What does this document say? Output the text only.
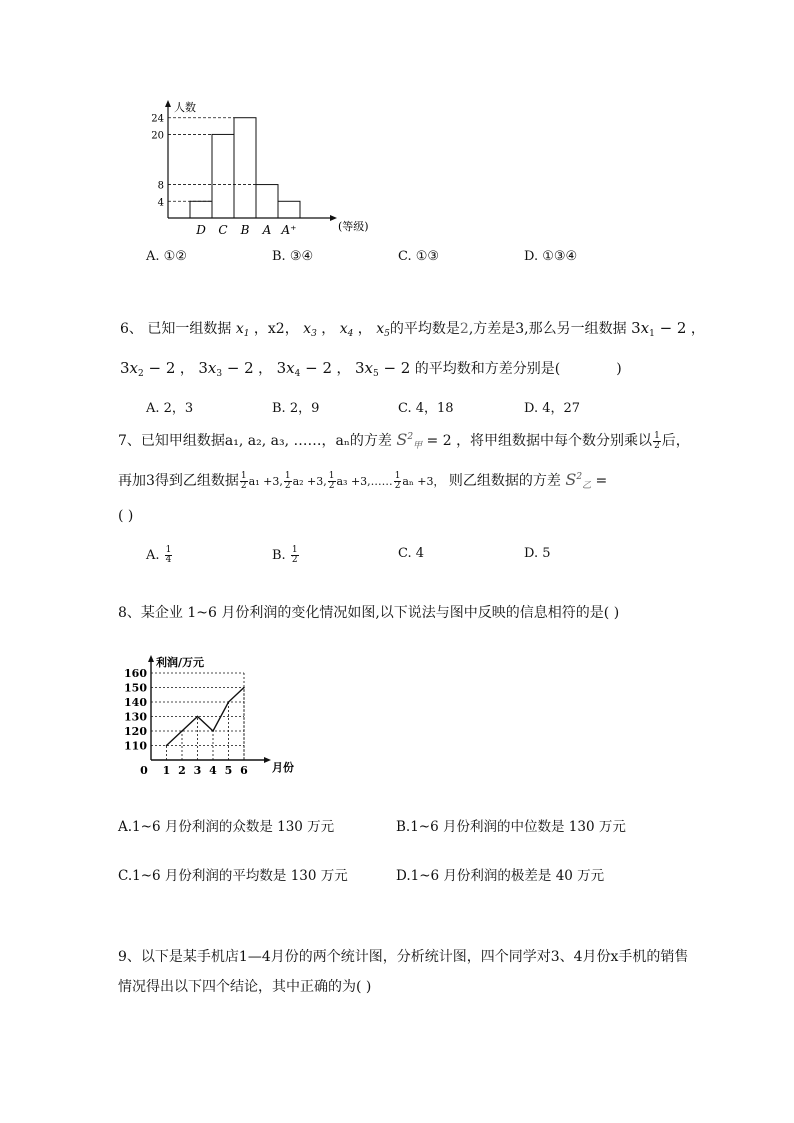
人数
(等级)
D C B A A⁺
4
8
20
24
A. ①②	B. ③④	C. ①③	D. ①③④
6、 已知一组数据 $x_1$ ，x2， $x_3$ ， $x_4$ ， $x_5$的平均数是2,方差是3,那么另一组数据 $3x_1 - 2$ ，
$3x_2 - 2$ ， $3x_3 - 2$ ， $3x_4 - 2$ ， $3x_5 - 2$ 的平均数和方差分别是(	)
A. 2，3	B. 2，9	C. 4，18	D. 4，27
7、已知甲组数据a₁, a₂, a₃, ……，aₙ的方差 $S^2_甲 = 2$ ，将甲组数据中每个数分别乘以 $\frac{1}{2}$ 后，
再加3得到乙组数据 $\frac{1}{2} a_1 +3$, $\frac{1}{2} a_2 +3$, $\frac{1}{2} a_3$ +3,…… $\frac{1}{2}$ aₙ +3， 则乙组数据的方差 $S^2_乙$ =
( )
A. $\frac{1}{4}$	B. $\frac{1}{2}$	C. 4	D. 5
8、某企业 1~6 月份利润的变化情况如图,以下说法与图中反映的信息相符的是( )
利润/万元
月份
110
120
130
140
150
160
0 1 2 3 4 5 6
A.1~6 月份利润的众数是 130 万元	B.1~6 月份利润的中位数是 130 万元
C.1~6 月份利润的平均数是 130 万元	D.1~6 月份利润的极差是 40 万元
9、以下是某手机店1—4月份的两个统计图，分析统计图，四个同学对3、4月份x手机的销售
情况得出以下四个结论，其中正确的为( )
